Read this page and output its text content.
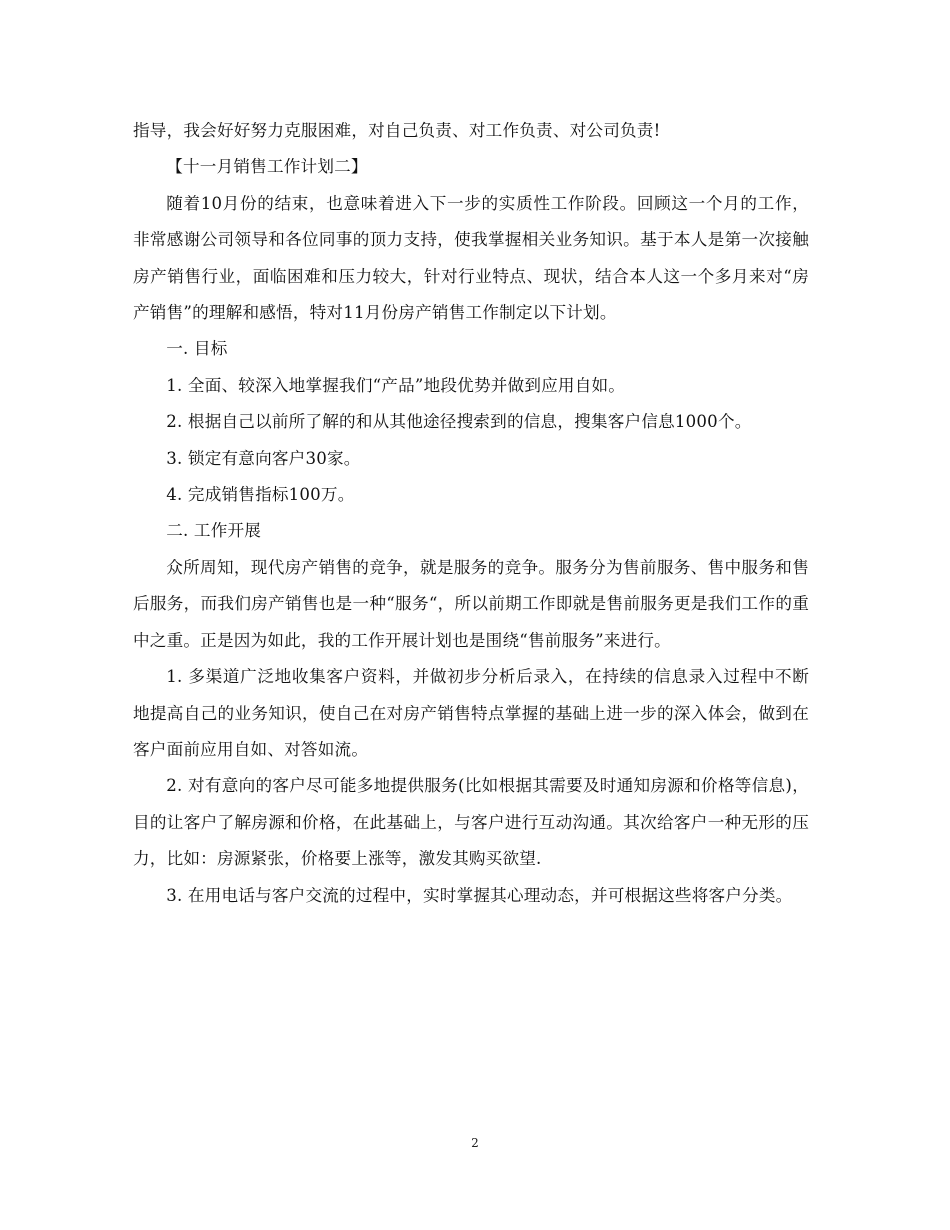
指导，我会好好努力克服困难，对自己负责、对工作负责、对公司负责!

【十一月销售工作计划二】

随着10月份的结束，也意味着进入下一步的实质性工作阶段。回顾这一个月的工作，非常感谢公司领导和各位同事的顶力支持，使我掌握相关业务知识。基于本人是第一次接触房产销售行业，面临困难和压力较大，针对行业特点、现状，结合本人这一个多月来对“房产销售”的理解和感悟，特对11月份房产销售工作制定以下计划。

一. 目标

1. 全面、较深入地掌握我们“产品”地段优势并做到应用自如。

2. 根据自己以前所了解的和从其他途径搜索到的信息，搜集客户信息1000个。

3. 锁定有意向客户30家。

4. 完成销售指标100万。

二. 工作开展

众所周知，现代房产销售的竞争，就是服务的竞争。服务分为售前服务、售中服务和售后服务，而我们房产销售也是一种“服务“，所以前期工作即就是售前服务更是我们工作的重中之重。正是因为如此，我的工作开展计划也是围绕“售前服务”来进行。

1. 多渠道广泛地收集客户资料，并做初步分析后录入，在持续的信息录入过程中不断地提高自己的业务知识，使自己在对房产销售特点掌握的基础上进一步的深入体会，做到在客户面前应用自如、对答如流。

2. 对有意向的客户尽可能多地提供服务(比如根据其需要及时通知房源和价格等信息)，目的让客户了解房源和价格，在此基础上，与客户进行互动沟通。其次给客户一种无形的压力，比如：房源紧张，价格要上涨等，激发其购买欲望.

3. 在用电话与客户交流的过程中，实时掌握其心理动态，并可根据这些将客户分类。

2
